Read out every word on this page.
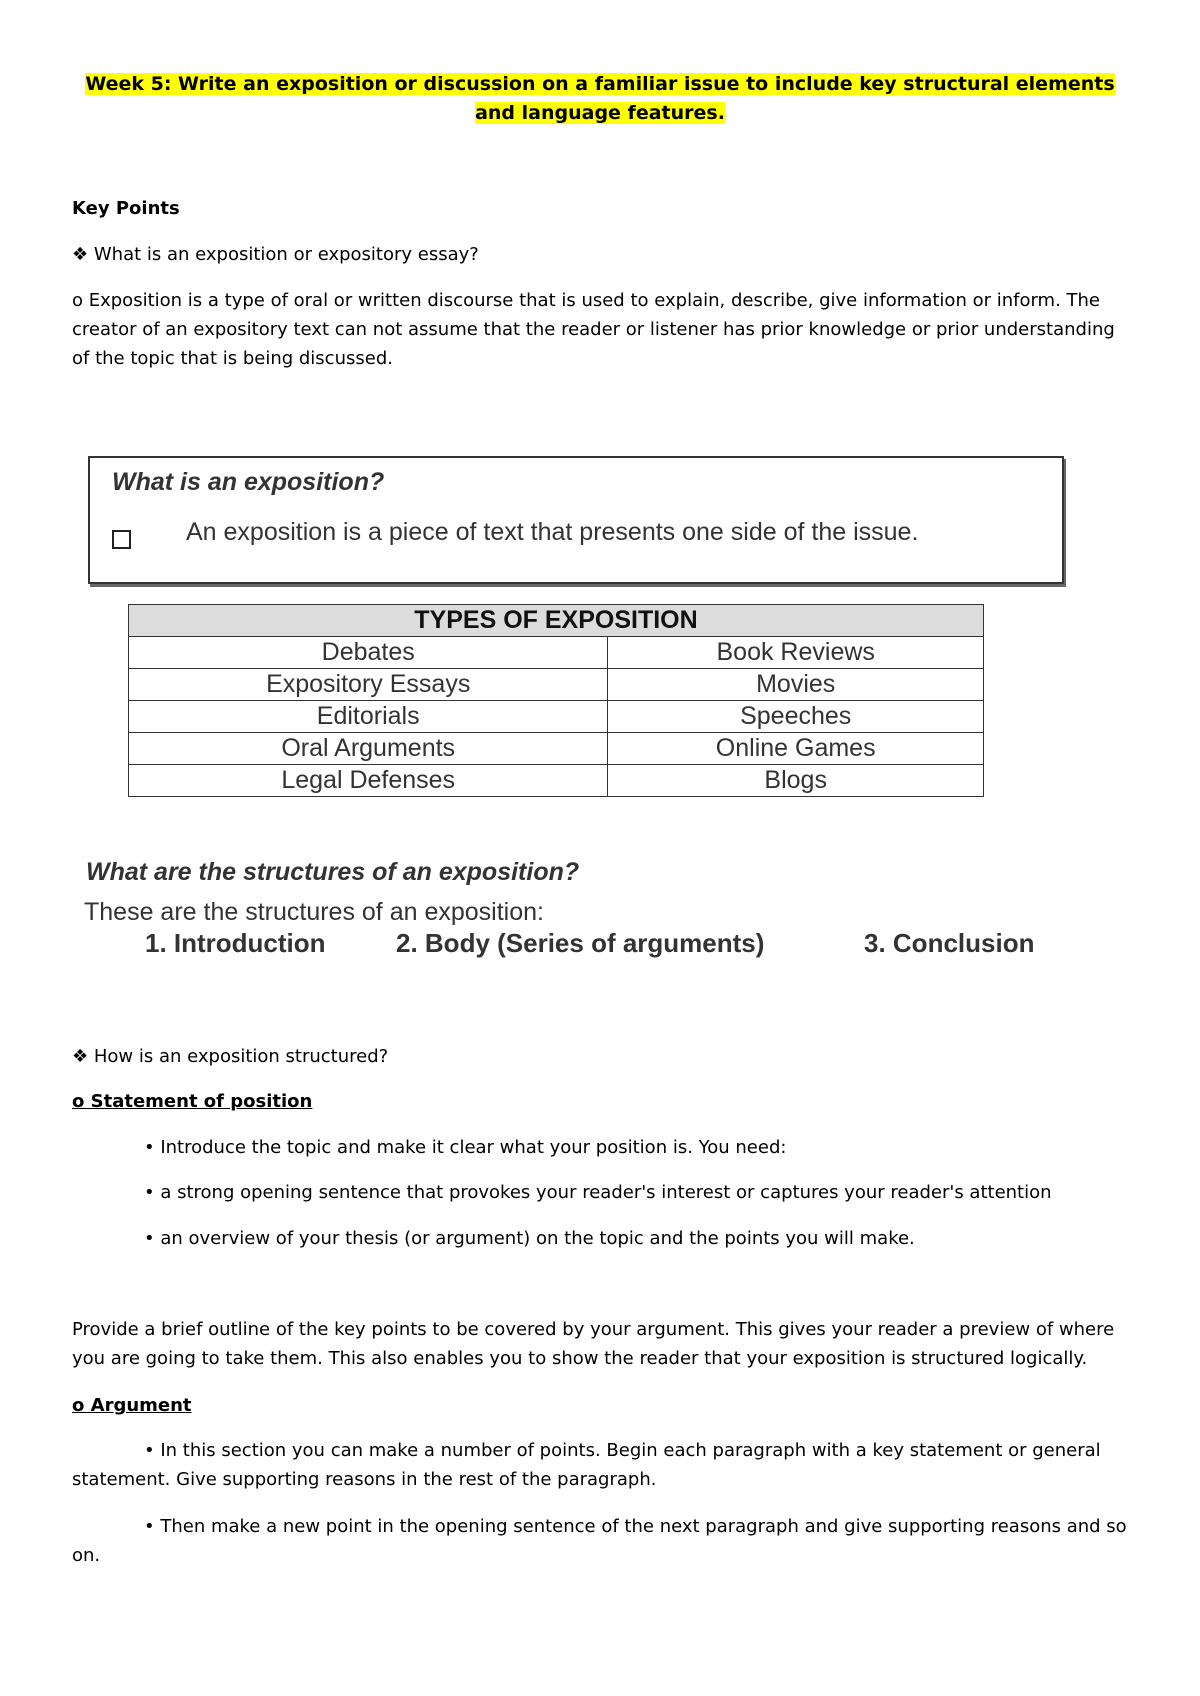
Week 5: Write an exposition or discussion on a familiar issue to include key structural elements and language features.
Key Points
❖ What is an exposition or expository essay?
o Exposition is a type of oral or written discourse that is used to explain, describe, give information or inform. The creator of an expository text can not assume that the reader or listener has prior knowledge or prior understanding of the topic that is being discussed.
What is an exposition?
An exposition is a piece of text that presents one side of the issue.
TYPES OF EXPOSITION	
Debates	Book Reviews
Expository Essays	Movies
Editorials	Speeches
Oral Arguments	Online Games
Legal Defenses	Blogs
What are the structures of an exposition?
These are the structures of an exposition:
1. Introduction	2. Body (Series of arguments)	3. Conclusion
❖ How is an exposition structured?
o Statement of position
• Introduce the topic and make it clear what your position is. You need:
• a strong opening sentence that provokes your reader's interest or captures your reader's attention
• an overview of your thesis (or argument) on the topic and the points you will make.
Provide a brief outline of the key points to be covered by your argument. This gives your reader a preview of where you are going to take them. This also enables you to show the reader that your exposition is structured logically.
o Argument
• In this section you can make a number of points. Begin each paragraph with a key statement or general statement. Give supporting reasons in the rest of the paragraph.
• Then make a new point in the opening sentence of the next paragraph and give supporting reasons and so on.
